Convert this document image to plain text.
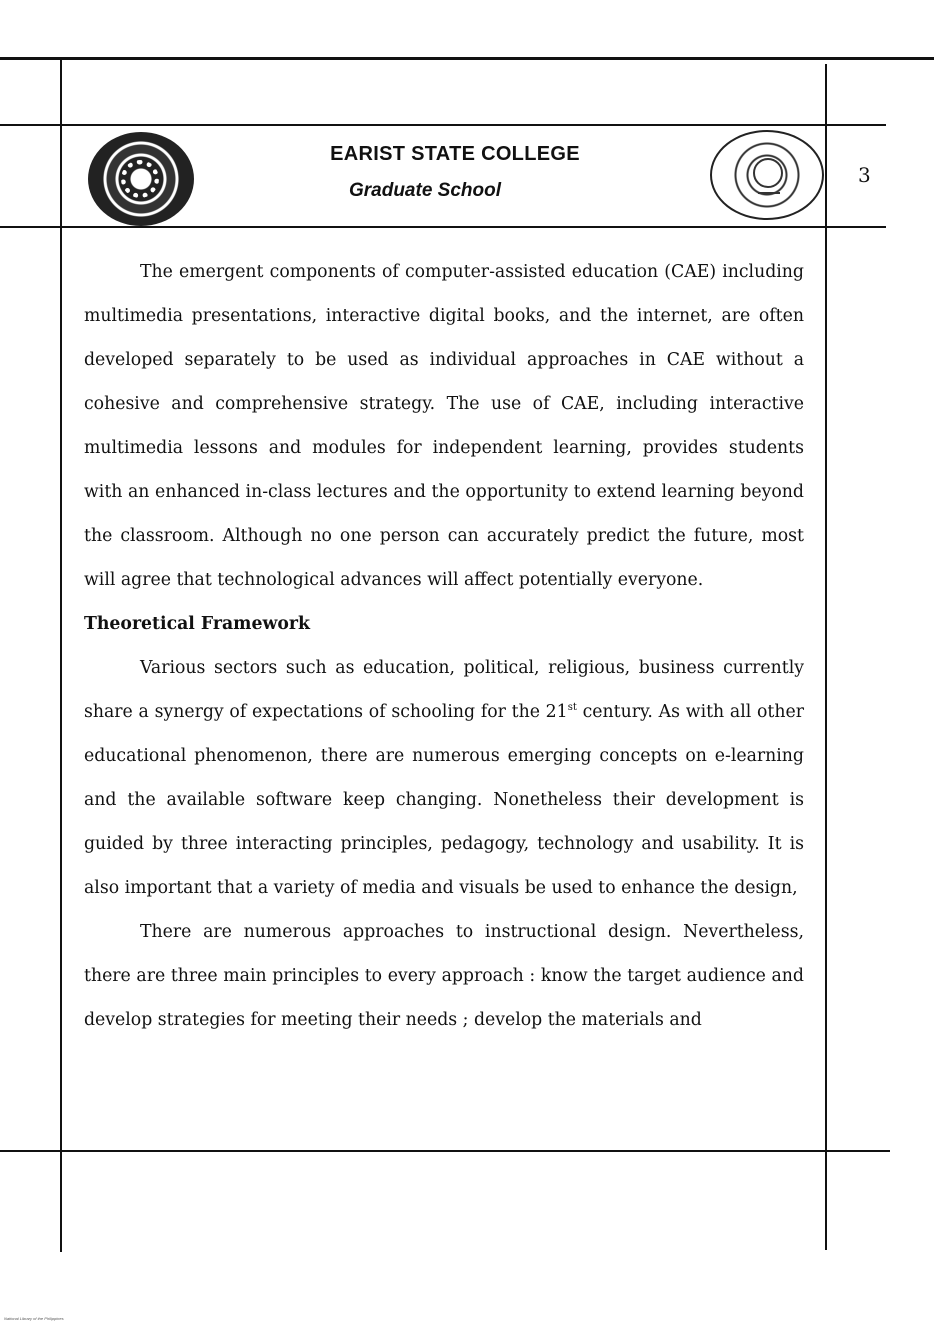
EARIST STATE COLLEGE
Graduate School
3

The emergent components of computer-assisted education (CAE) including multimedia presentations, interactive digital books, and the internet, are often developed separately to be used as individual approaches in CAE without a cohesive and comprehensive strategy. The use of CAE, including interactive multimedia lessons and modules for independent learning, provides students with an enhanced in-class lectures and the opportunity to extend learning beyond the classroom. Although no one person can accurately predict the future, most will agree that technological advances will affect potentially everyone.

Theoretical Framework

Various sectors such as education, political, religious, business currently share a synergy of expectations of schooling for the 21st century. As with all other educational phenomenon, there are numerous emerging concepts on e-learning and the available software keep changing. Nonetheless their development is guided by three interacting principles, pedagogy, technology and usability. It is also important that a variety of media and visuals be used to enhance the design,

There are numerous approaches to instructional design. Nevertheless, there are three main principles to every approach : know the target audience and develop strategies for meeting their needs ; develop the materials and

National Library of the Philippines
